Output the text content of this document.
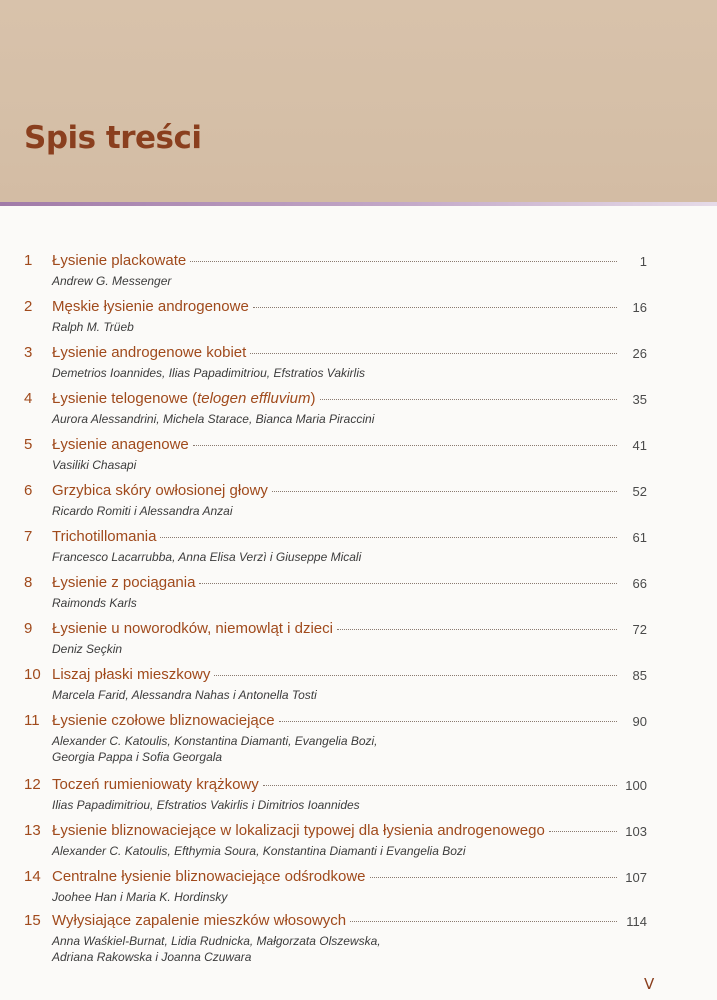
Spis treści
1	Łysienie plackowate	1
Andrew G. Messenger
2	Męskie łysienie androgenowe	16
Ralph M. Trüeb
3	Łysienie androgenowe kobiet	26
Demetrios Ioannides, Ilias Papadimitriou, Efstratios Vakirlis
4	Łysienie telogenowe (telogen effluvium)	35
Aurora Alessandrini, Michela Starace, Bianca Maria Piraccini
5	Łysienie anagenowe	41
Vasiliki Chasapi
6	Grzybica skóry owłosionej głowy	52
Ricardo Romiti i Alessandra Anzai
7	Trichotillomania	61
Francesco Lacarrubba, Anna Elisa Verzì i Giuseppe Micali
8	Łysienie z pociągania	66
Raimonds Karls
9	Łysienie u noworodków, niemowląt i dzieci	72
Deniz Seçkin
10 Liszaj płaski mieszkowy	85
Marcela Farid, Alessandra Nahas i Antonella Tosti
11 Łysienie czołowe bliznowaciejące	90
Alexander C. Katoulis, Konstantina Diamanti, Evangelia Bozi,
Georgia Pappa i Sofia Georgala
12 Toczeń rumieniowaty krążkowy	100
Ilias Papadimitriou, Efstratios Vakirlis i Dimitrios Ioannides
13 Łysienie bliznowaciejące w lokalizacji typowej dla łysienia androgenowego	103
Alexander C. Katoulis, Efthymia Soura, Konstantina Diamanti i Evangelia Bozi
14 Centralne łysienie bliznowaciejące odśrodkowe	107
Joohee Han i Maria K. Hordinsky
15 Wyłysiające zapalenie mieszków włosowych	114
Anna Waśkiel-Burnat, Lidia Rudnicka, Małgorzata Olszewska,
Adriana Rakowska i Joanna Czuwara
V
